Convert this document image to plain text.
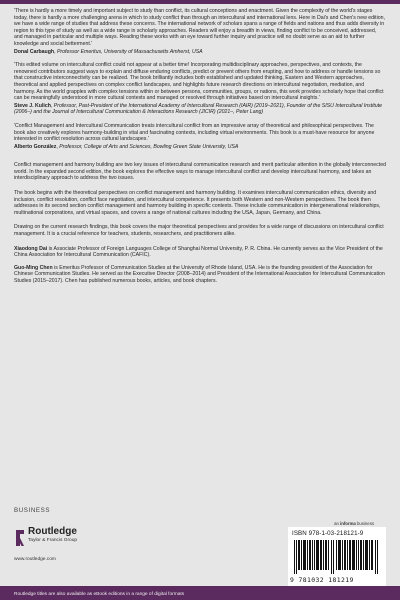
'There is hardly a more timely and important subject to study than conflict, its cultural conceptions and enactment. Given the complexity of the world's stages today, there is hardly a more challenging arena in which to study conflict than through an intercultural and international lens. Here in Dai's and Chen's new edition, we have a wide range of studies that address these concerns. The international network of scholars spans a range of fields and nations and thus adds diversity in region to this type of study as well as a wide range in scholarly approaches. Readers will enjoy a breadth in views, finding conflict to be conceived, addressed, and managed in particular and multiple ways. Reading these works with an eye toward further inquiry and practice will no doubt serve as an aid to further knowledge and social betterment.'

Donal Carbaugh, Professor Emeritus, University of Massachusetts Amherst, USA

'This edited volume on intercultural conflict could not appear at a better time! Incorporating multidisciplinary approaches, perspectives, and contexts, the renowned contributors suggest ways to explain and diffuse enduring conflicts, predict or prevent others from erupting, and how to address or handle tensions so that constructive interconnectivity can be realized. The book brilliantly includes both established and updated thinking, Eastern and Western approaches, theoretical and applied perspectives on complex conflict landscapes, and highlights future research directions on intercultural negotiation, mediation, and harmony. As the world grapples with complex tensions within or between persons, communities, groups, or nations, this work provides scholarly hope that conflict can be meaningfully understood in more cultural contexts and managed or resolved through initiatives based on intercultural insights.'

Steve J. Kulich, Professor, Past-President of the International Academy of Intercultural Research (IAIR) (2019–2021), Founder of the SISU Intercultural Institute (2006–) and the Journal of Intercultural Communication & Interactions Research (JICIR) (2021–, Peter Lang)

'Conflict Management and Intercultural Communication treats intercultural conflict from an impressive array of theoretical and philosophical perspectives. The book also creatively explores harmony-building in vital and fascinating contexts, including virtual environments. This book is a must-have resource for anyone interested in conflict resolution across cultural landscapes.'

Alberto González, Professor, College of Arts and Sciences, Bowling Green State University, USA

Conflict management and harmony building are two key issues of intercultural communication research and merit particular attention in the globally interconnected world. In the expanded second edition, the book explores the effective ways to manage intercultural conflict and develop intercultural harmony, and takes an interdisciplinary approach to address the two issues.

The book begins with the theoretical perspectives on conflict management and harmony building. It examines intercultural communication ethics, diversity and inclusion, conflict resolution, conflict face negotiation, and intercultural competence. It presents both Western and non-Western perspectives. The book then addresses in its second section conflict management and harmony building in specific contexts. These include communication in intergenerational relationships, multinational corporations, and virtual spaces, and covers a range of national cultures including the USA, Japan, Germany, and China.

Drawing on the current research findings, this book covers the major theoretical perspectives and provides for a wide range of discussions on intercultural conflict management. It is a crucial reference for teachers, students, researchers, and practitioners alike.

Xiaodong Dai is Associate Professor of Foreign Languages College of Shanghai Normal University, P. R. China. He currently serves as the Vice President of the China Association for Intercultural Communication (CAFIC).

Guo-Ming Chen is Emeritus Professor of Communication Studies at the University of Rhode Island, USA. He is the founding president of the Association for Chinese Communication Studies. He served as the Executive Director (2008–2014) and President of the International Association for Intercultural Communication Studies (2015–2017). Chen has published numerous books, articles, and book chapters.

BUSINESS
Routledge
Taylor & Francis Group
www.routledge.com
an informa business
ISBN 978-1-03-218121-9
9 781032 181219
Routledge titles are also available as eBook editions in a range of digital formats
